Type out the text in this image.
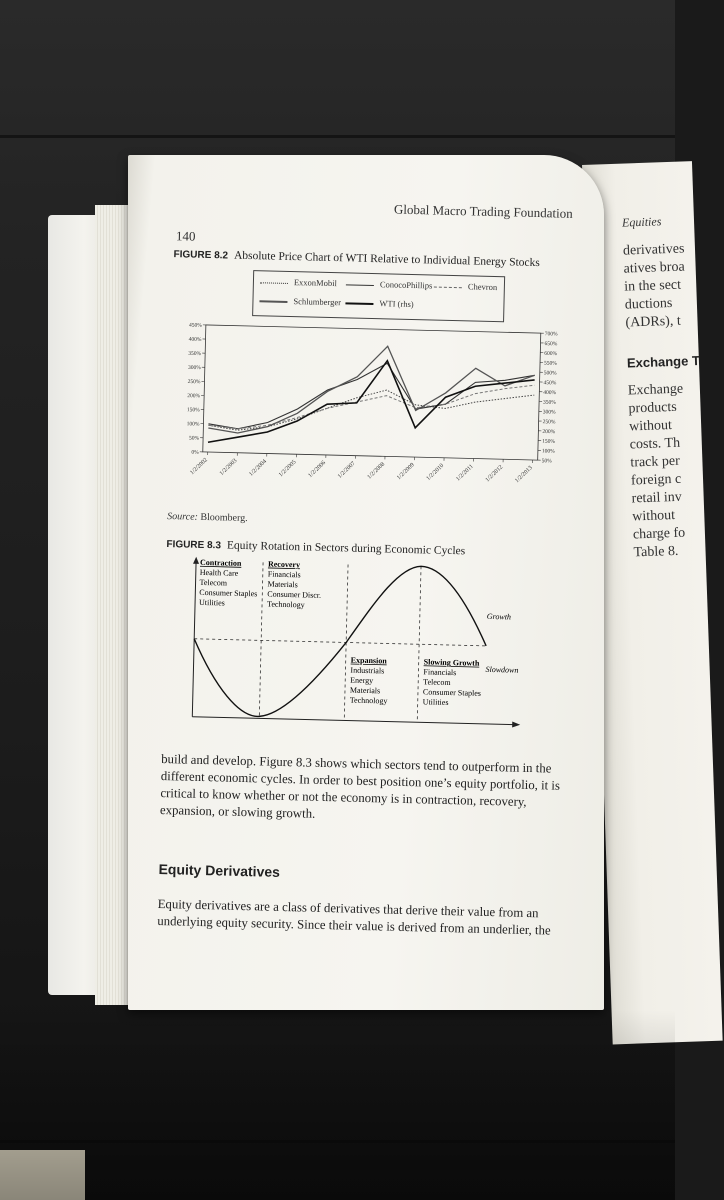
Equities
derivatives
atives broa
in the sect
ductions
(ADRs), t
Exchange T
Exchange
products
without
costs. Th
track per
foreign c
retail inv
without
charge fo
Table 8.
Global Macro Trading Foundation
140
FIGURE 8.2 Absolute Price Chart of WTI Relative to Individual Energy Stocks
ExxonMobil	ConocoPhillips	Chevron
Schlumberger	WTI (rhs)
0%
50%
100%
150%
200%
250%
300%
350%
400%
450%
50%
100%
150%
200%
250%
300%
350%
400%
450%
500%
550%
600%
650%
700%
1/2/2002 1/2/2003 1/2/2004 1/2/2005 1/2/2006 1/2/2007 1/2/2008 1/2/2009 1/2/2010 1/2/2011 1/2/2012 1/2/2013
Source: Bloomberg.
FIGURE 8.3 Equity Rotation in Sectors during Economic Cycles
Contraction
Health Care
Telecom
Consumer Staples
Utilities
Recovery
Financials
Materials
Consumer Discr.
Technology
Expansion
Industrials
Energy
Materials
Technology
Slowing Growth
Financials
Telecom
Consumer Staples
Utilities
Growth
Slowdown
build and develop. Figure 8.3 shows which sectors tend to outperform in the different economic cycles. In order to best position one’s equity portfolio, it is critical to know whether or not the economy is in contraction, recovery, expansion, or slowing growth.
Equity Derivatives
Equity derivatives are a class of derivatives that derive their value from an underlying equity security. Since their value is derived from an underlier, the
